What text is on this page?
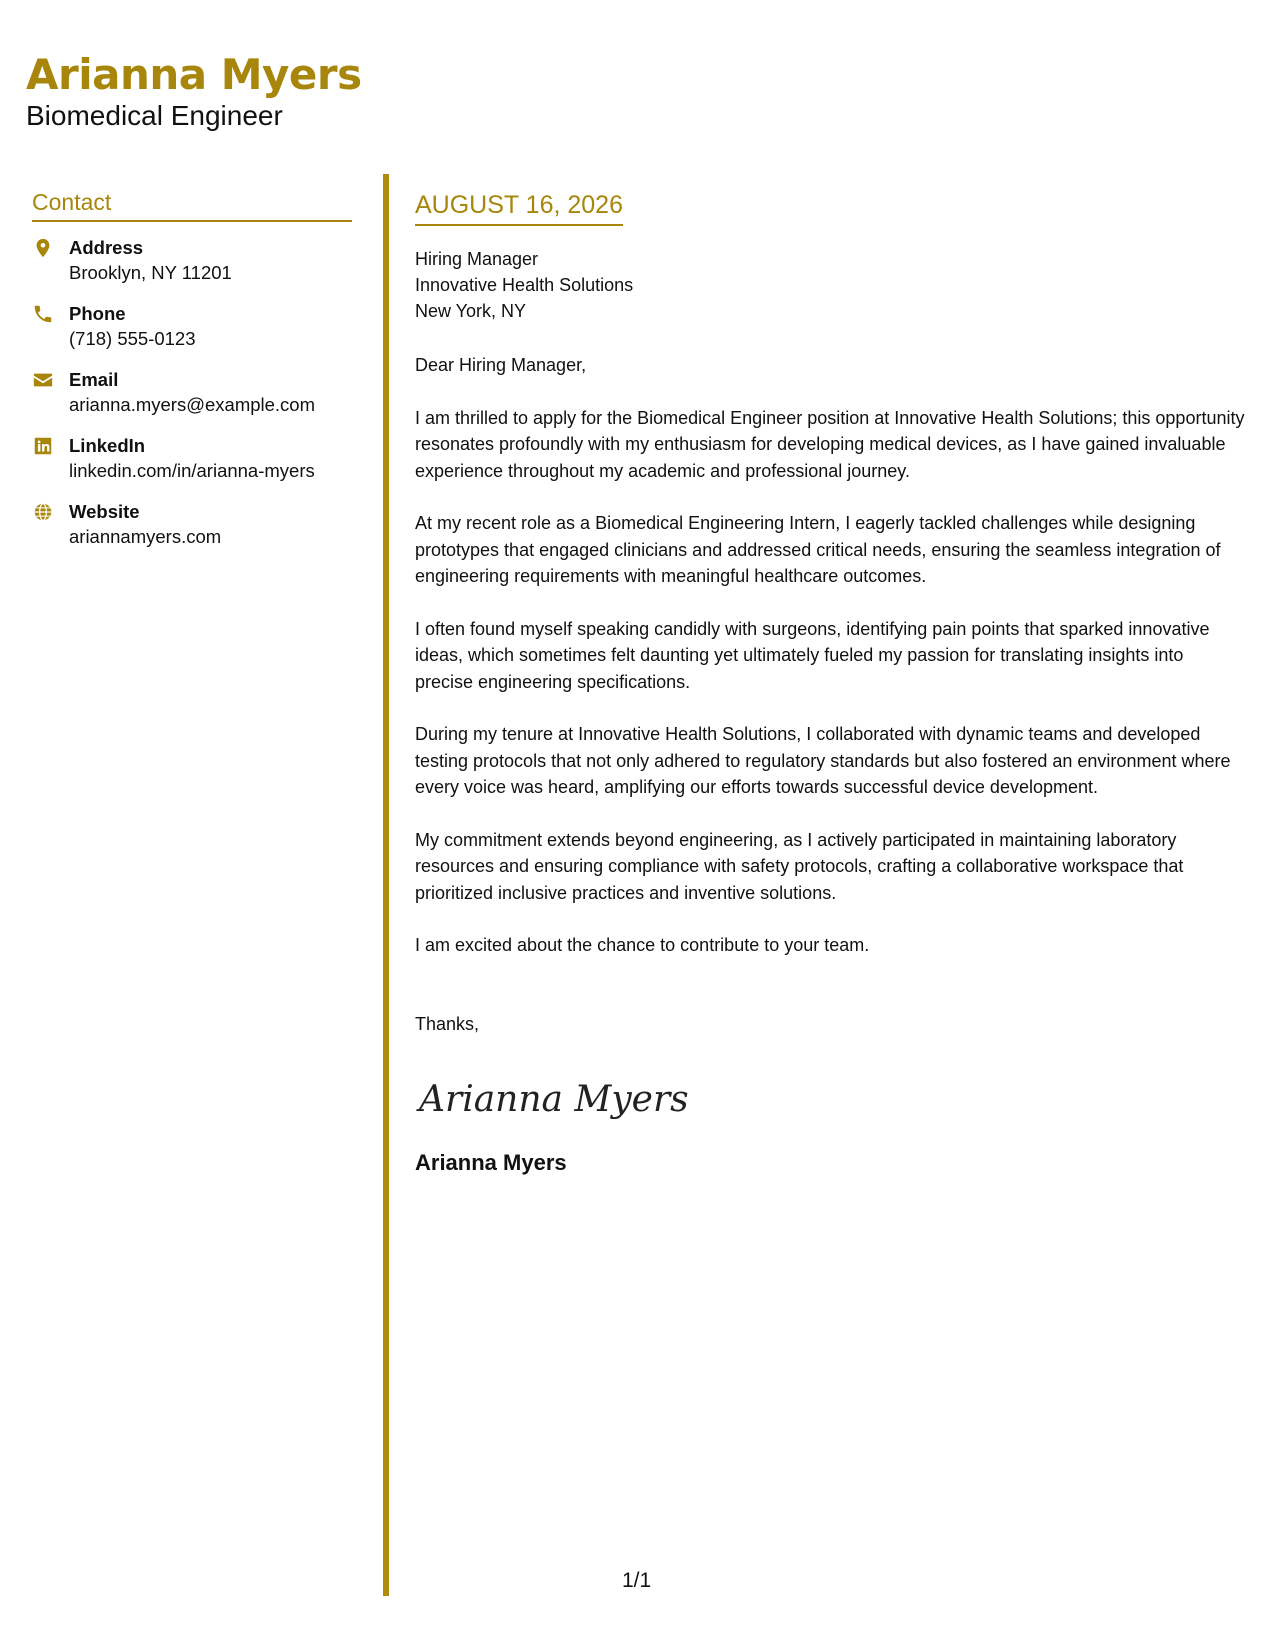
Arianna Myers
Biomedical Engineer
Contact
Address
Brooklyn, NY 11201
Phone
(718) 555-0123
Email
arianna.myers@example.com
LinkedIn
linkedin.com/in/arianna-myers
Website
ariannamyers.com
AUGUST 16, 2026
Hiring Manager
Innovative Health Solutions
New York, NY
Dear Hiring Manager,
I am thrilled to apply for the Biomedical Engineer position at Innovative Health Solutions; this opportunity resonates profoundly with my enthusiasm for developing medical devices, as I have gained invaluable experience throughout my academic and professional journey.
At my recent role as a Biomedical Engineering Intern, I eagerly tackled challenges while designing prototypes that engaged clinicians and addressed critical needs, ensuring the seamless integration of engineering requirements with meaningful healthcare outcomes.
I often found myself speaking candidly with surgeons, identifying pain points that sparked innovative ideas, which sometimes felt daunting yet ultimately fueled my passion for translating insights into precise engineering specifications.
During my tenure at Innovative Health Solutions, I collaborated with dynamic teams and developed testing protocols that not only adhered to regulatory standards but also fostered an environment where every voice was heard, amplifying our efforts towards successful device development.
My commitment extends beyond engineering, as I actively participated in maintaining laboratory resources and ensuring compliance with safety protocols, crafting a collaborative workspace that prioritized inclusive practices and inventive solutions.
I am excited about the chance to contribute to your team.
Thanks,
Arianna Myers
Arianna Myers
1/1
